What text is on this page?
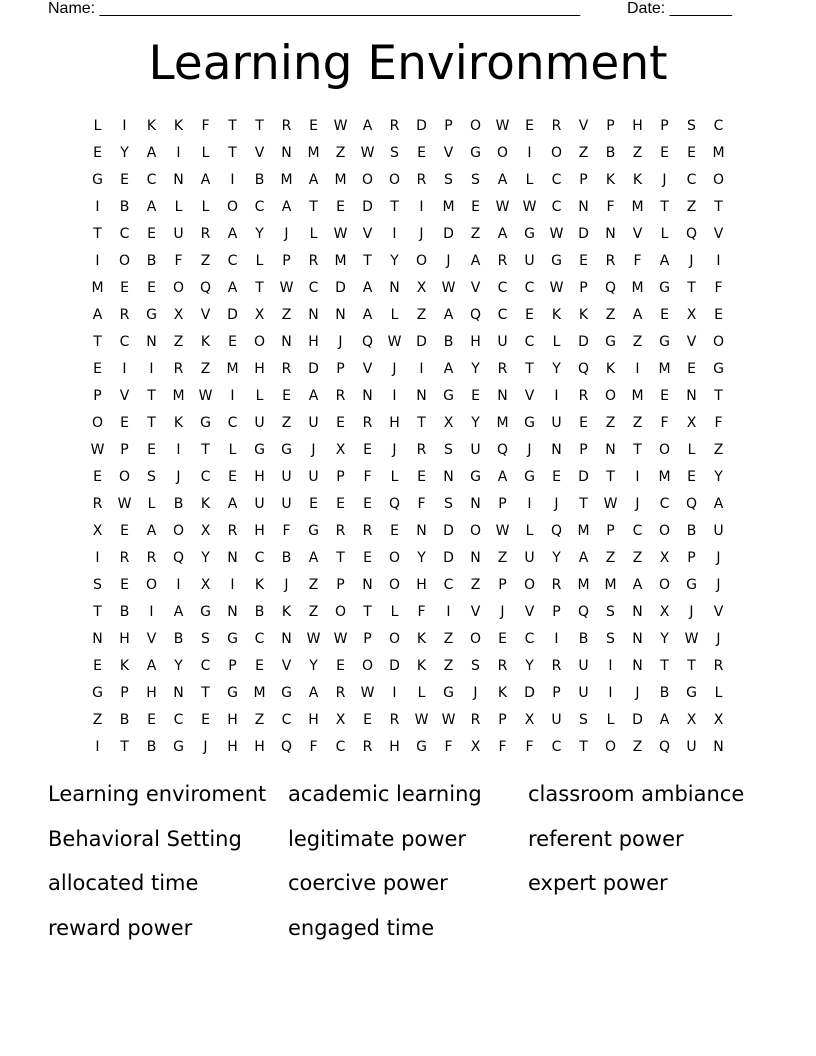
Name: ______________________________________________________	Date: _______
Learning Environment
L	I	K	K	F	T	T	R	E	W	A	R	D	P	O	W	E	R	V	P	H	P	S	C
E	Y	A	I	L	T	V	N	M	Z	W	S	E	V	G	O	I	O	Z	B	Z	E	E	M
G	E	C	N	A	I	B	M	A	M	O	O	R	S	S	A	L	C	P	K	K	J	C	O
I	B	A	L	L	O	C	A	T	E	D	T	I	M	E	W W	C	N	F	M	T	Z	T
T	C	E	U	R	A	Y	J	L	W	V	I	J	D	Z	A	G	W	D	N	V	L	Q	V
I	O	B	F	Z	C	L	P	R	M	T	Y	O	J	A	R	U	G	E	R	F	A	J	I
M	E	E	O	Q	A	T	W	C	D	A	N	X	W	V	C	C	W	P	Q	M	G	T	F
A	R	G	X	V	D	X	Z	N	N	A	L	Z	A	Q	C	E	K	K	Z	A	E	X	E
T	C	N	Z	K	E	O	N	H	J	Q	W	D	B	H	U	C	L	D	G	Z	G	V	O
E	I	I	R	Z	M	H	R	D	P	V	J	I	A	Y	R	T	Y	Q	K	I	M	E	G
P	V	T	M	W	I	L	E	A	R	N	I	N	G	E	N	V	I	R	O	M	E	N	T
O	E	T	K	G	C	U	Z	U	E	R	H	T	X	Y	M	G	U	E	Z	Z	F	X	F
W	P	E	I	T	L	G	G	J	X	E	J	R	S	U	Q	J	N	P	N	T	O	L	Z
E	O	S	J	C	E	H	U	U	P	F	L	E	N	G	A	G	E	D	T	I	M	E	Y
R	W	L	B	K	A	U	U	E	E	E	Q	F	S	N	P	I	J	T	W	J	C	Q	A
X	E	A	O	X	R	H	F	G	R	R	E	N	D	O	W	L	Q	M	P	C	O	B	U
I	R	R	Q	Y	N	C	B	A	T	E	O	Y	D	N	Z	U	Y	A	Z	Z	X	P	J
S	E	O	I	X	I	K	J	Z	P	N	O	H	C	Z	P	O	R	M	M	A	O	G	J
T	B	I	A	G	N	B	K	Z	O	T	L	F	I	V	J	V	P	Q	S	N	X	J	V
N	H	V	B	S	G	C	N	W W	P	O	K	Z	O	E	C	I	B	S	N	Y	W	J
E	K	A	Y	C	P	E	V	Y	E	O	D	K	Z	S	R	Y	R	U	I	N	T	T	R
G	P	H	N	T	G	M	G	A	R	W	I	L	G	J	K	D	P	U	I	J	B	G	L
Z	B	E	C	E	H	Z	C	H	X	E	R	W W	R	P	X	U	S	L	D	A	X	X
I	T	B	G	J	H	H	Q	F	C	R	H	G	F	X	F	F	C	T	O	Z	Q	U	N
Learning enviroment	academic learning	classroom ambiance
Behavioral Setting	legitimate power	referent power
allocated time	coercive power	expert power
reward power	engaged time
